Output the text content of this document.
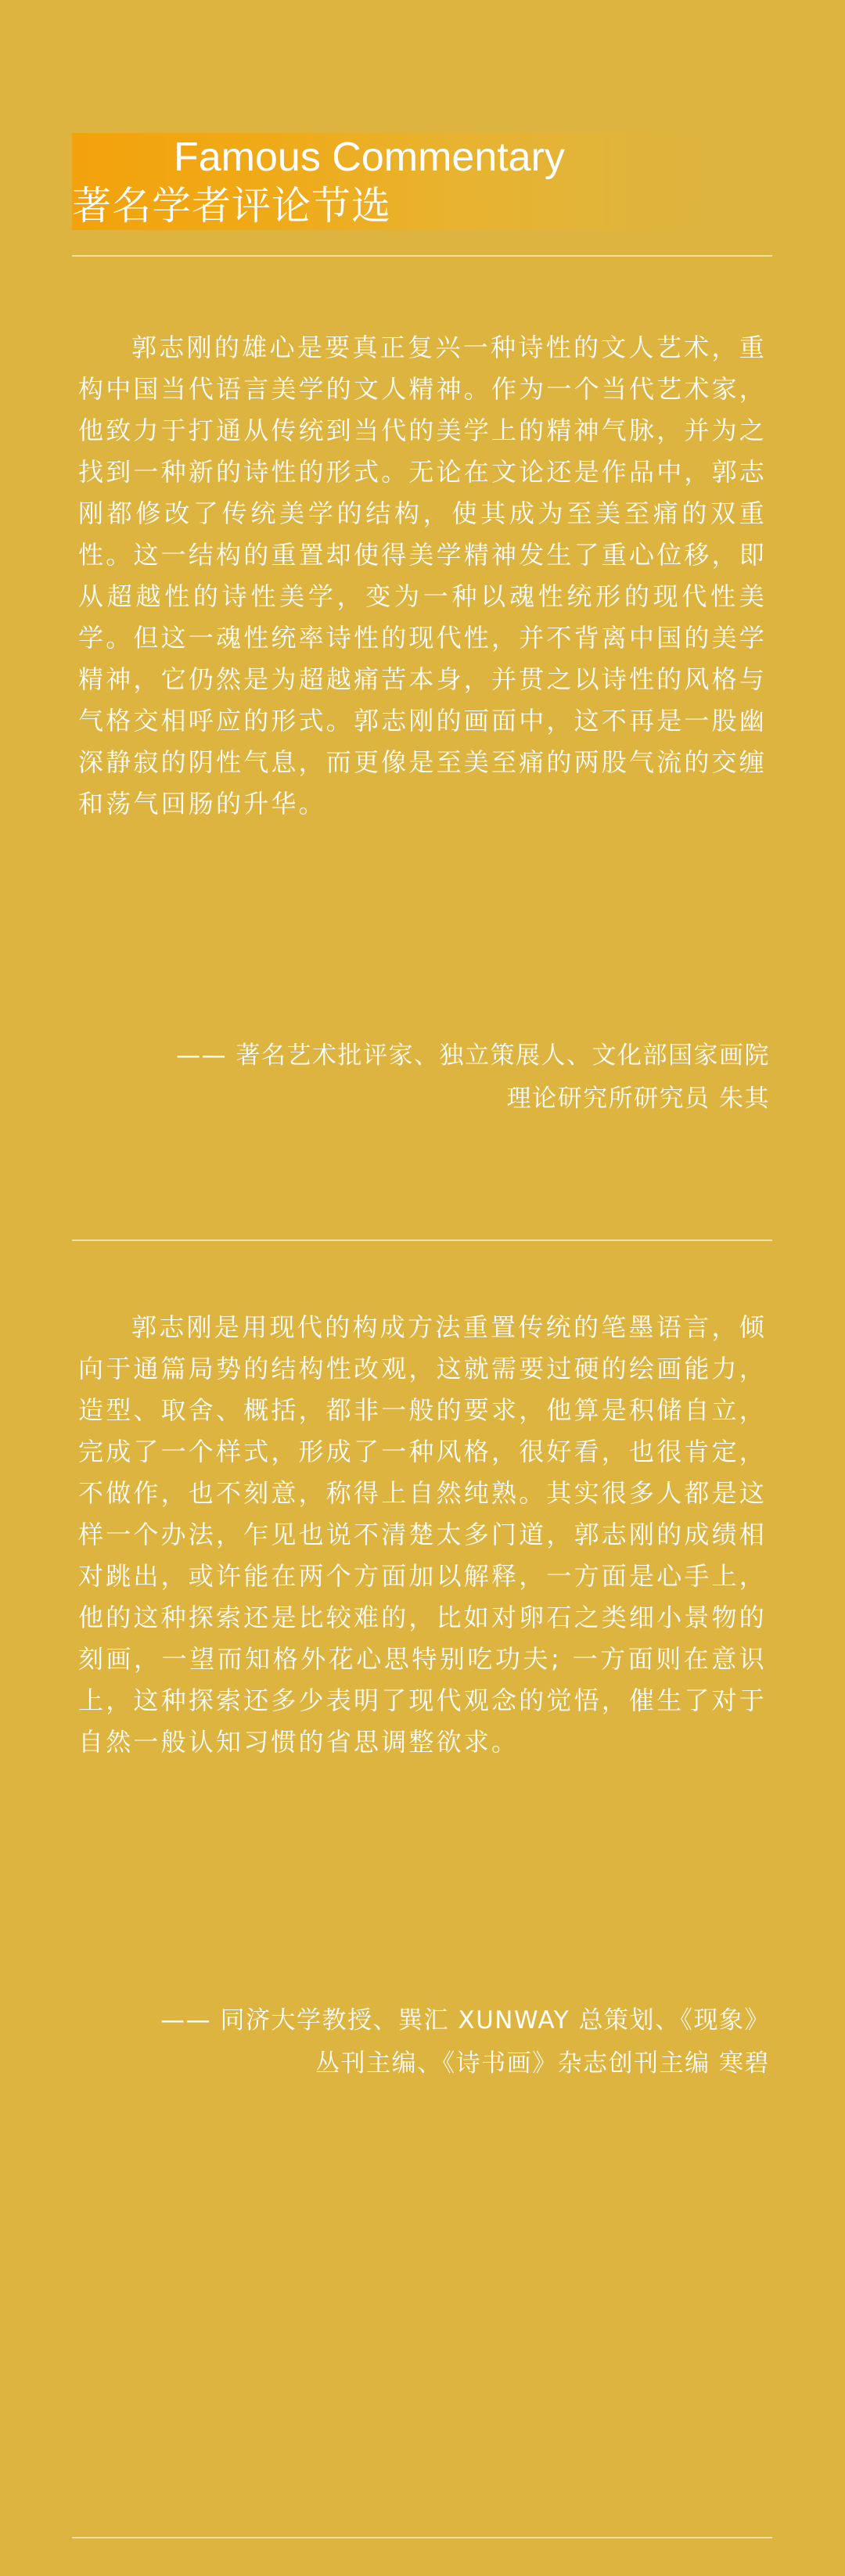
Famous Commentary
著名学者评论节选

郭志刚的雄心是要真正复兴一种诗性的文人艺术，重构中国当代语言美学的文人精神。作为一个当代艺术家，他致力于打通从传统到当代的美学上的精神气脉，并为之找到一种新的诗性的形式。无论在文论还是作品中，郭志刚都修改了传统美学的结构，使其成为至美至痛的双重性。这一结构的重置却使得美学精神发生了重心位移，即从超越性的诗性美学，变为一种以魂性统形的现代性美学。但这一魂性统率诗性的现代性，并不背离中国的美学精神，它仍然是为超越痛苦本身，并贯之以诗性的风格与气格交相呼应的形式。郭志刚的画面中，这不再是一股幽深静寂的阴性气息，而更像是至美至痛的两股气流的交缠和荡气回肠的升华。

—— 著名艺术批评家、独立策展人、文化部国家画院
理论研究所研究员 朱其

郭志刚是用现代的构成方法重置传统的笔墨语言，倾向于通篇局势的结构性改观，这就需要过硬的绘画能力，造型、取舍、概括，都非一般的要求，他算是积储自立，完成了一个样式，形成了一种风格，很好看，也很肯定，不做作，也不刻意，称得上自然纯熟。其实很多人都是这样一个办法，乍见也说不清楚太多门道，郭志刚的成绩相对跳出，或许能在两个方面加以解释，一方面是心手上，他的这种探索还是比较难的，比如对卵石之类细小景物的刻画，一望而知格外花心思特别吃功夫; 一方面则在意识上，这种探索还多少表明了现代观念的觉悟，催生了对于自然一般认知习惯的省思调整欲求。

—— 同济大学教授、巽汇 XUNWAY 总策划、《现象》
丛刊主编、《诗书画》杂志创刊主编 寒碧
